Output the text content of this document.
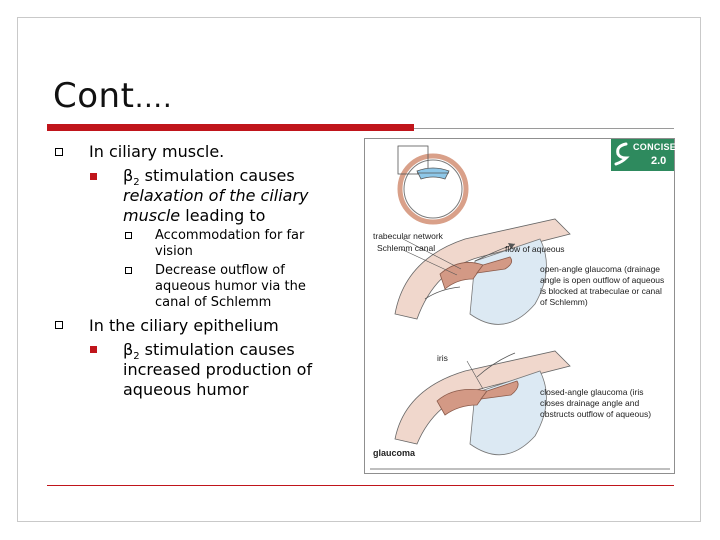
Cont….
In ciliary muscle.
$\beta_2$ stimulation causes
relaxation of the ciliary
muscle leading to
Accommodation for far
vision
Decrease outflow of
aqueous humor via the
canal of Schlemm
In the ciliary epithelium
$\beta_2$ stimulation causes
increased production of
aqueous humor
trabecular network
Schlemm canal	flow of aqueous
open-angle glaucoma (drainage
angle is open outflow of aqueous
is blocked at trabeculae or canal
of Schlemm)
iris
closed-angle glaucoma (iris
closes drainage angle and
obstructs outflow of aqueous)
glaucoma
CONCISE
2.0
